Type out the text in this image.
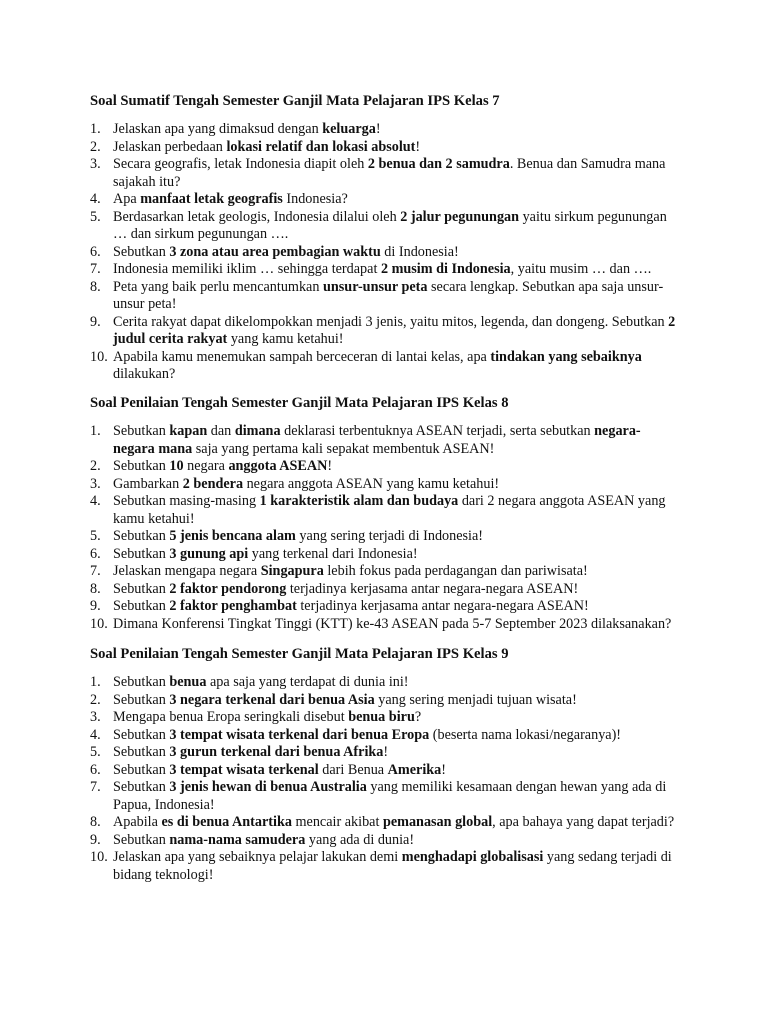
Soal Sumatif Tengah Semester Ganjil Mata Pelajaran IPS Kelas 7
1. Jelaskan apa yang dimaksud dengan keluarga!
2. Jelaskan perbedaan lokasi relatif dan lokasi absolut!
3. Secara geografis, letak Indonesia diapit oleh 2 benua dan 2 samudra. Benua dan Samudra mana sajakah itu?
4. Apa manfaat letak geografis Indonesia?
5. Berdasarkan letak geologis, Indonesia dilalui oleh 2 jalur pegunungan yaitu sirkum pegunungan … dan sirkum pegunungan ….
6. Sebutkan 3 zona atau area pembagian waktu di Indonesia!
7. Indonesia memiliki iklim … sehingga terdapat 2 musim di Indonesia, yaitu musim … dan ….
8. Peta yang baik perlu mencantumkan unsur-unsur peta secara lengkap. Sebutkan apa saja unsur-unsur peta!
9. Cerita rakyat dapat dikelompokkan menjadi 3 jenis, yaitu mitos, legenda, dan dongeng. Sebutkan 2 judul cerita rakyat yang kamu ketahui!
10. Apabila kamu menemukan sampah berceceran di lantai kelas, apa tindakan yang sebaiknya dilakukan?
Soal Penilaian Tengah Semester Ganjil Mata Pelajaran IPS Kelas 8
1. Sebutkan kapan dan dimana deklarasi terbentuknya ASEAN terjadi, serta sebutkan negara-negara mana saja yang pertama kali sepakat membentuk ASEAN!
2. Sebutkan 10 negara anggota ASEAN!
3. Gambarkan 2 bendera negara anggota ASEAN yang kamu ketahui!
4. Sebutkan masing-masing 1 karakteristik alam dan budaya dari 2 negara anggota ASEAN yang kamu ketahui!
5. Sebutkan 5 jenis bencana alam yang sering terjadi di Indonesia!
6. Sebutkan 3 gunung api yang terkenal dari Indonesia!
7. Jelaskan mengapa negara Singapura lebih fokus pada perdagangan dan pariwisata!
8. Sebutkan 2 faktor pendorong terjadinya kerjasama antar negara-negara ASEAN!
9. Sebutkan 2 faktor penghambat terjadinya kerjasama antar negara-negara ASEAN!
10. Dimana Konferensi Tingkat Tinggi (KTT) ke-43 ASEAN pada 5-7 September 2023 dilaksanakan?
Soal Penilaian Tengah Semester Ganjil Mata Pelajaran IPS Kelas 9
1. Sebutkan benua apa saja yang terdapat di dunia ini!
2. Sebutkan 3 negara terkenal dari benua Asia yang sering menjadi tujuan wisata!
3. Mengapa benua Eropa seringkali disebut benua biru?
4. Sebutkan 3 tempat wisata terkenal dari benua Eropa (beserta nama lokasi/negaranya)!
5. Sebutkan 3 gurun terkenal dari benua Afrika!
6. Sebutkan 3 tempat wisata terkenal dari Benua Amerika!
7. Sebutkan 3 jenis hewan di benua Australia yang memiliki kesamaan dengan hewan yang ada di Papua, Indonesia!
8. Apabila es di benua Antartika mencair akibat pemanasan global, apa bahaya yang dapat terjadi?
9. Sebutkan nama-nama samudera yang ada di dunia!
10. Jelaskan apa yang sebaiknya pelajar lakukan demi menghadapi globalisasi yang sedang terjadi di bidang teknologi!
